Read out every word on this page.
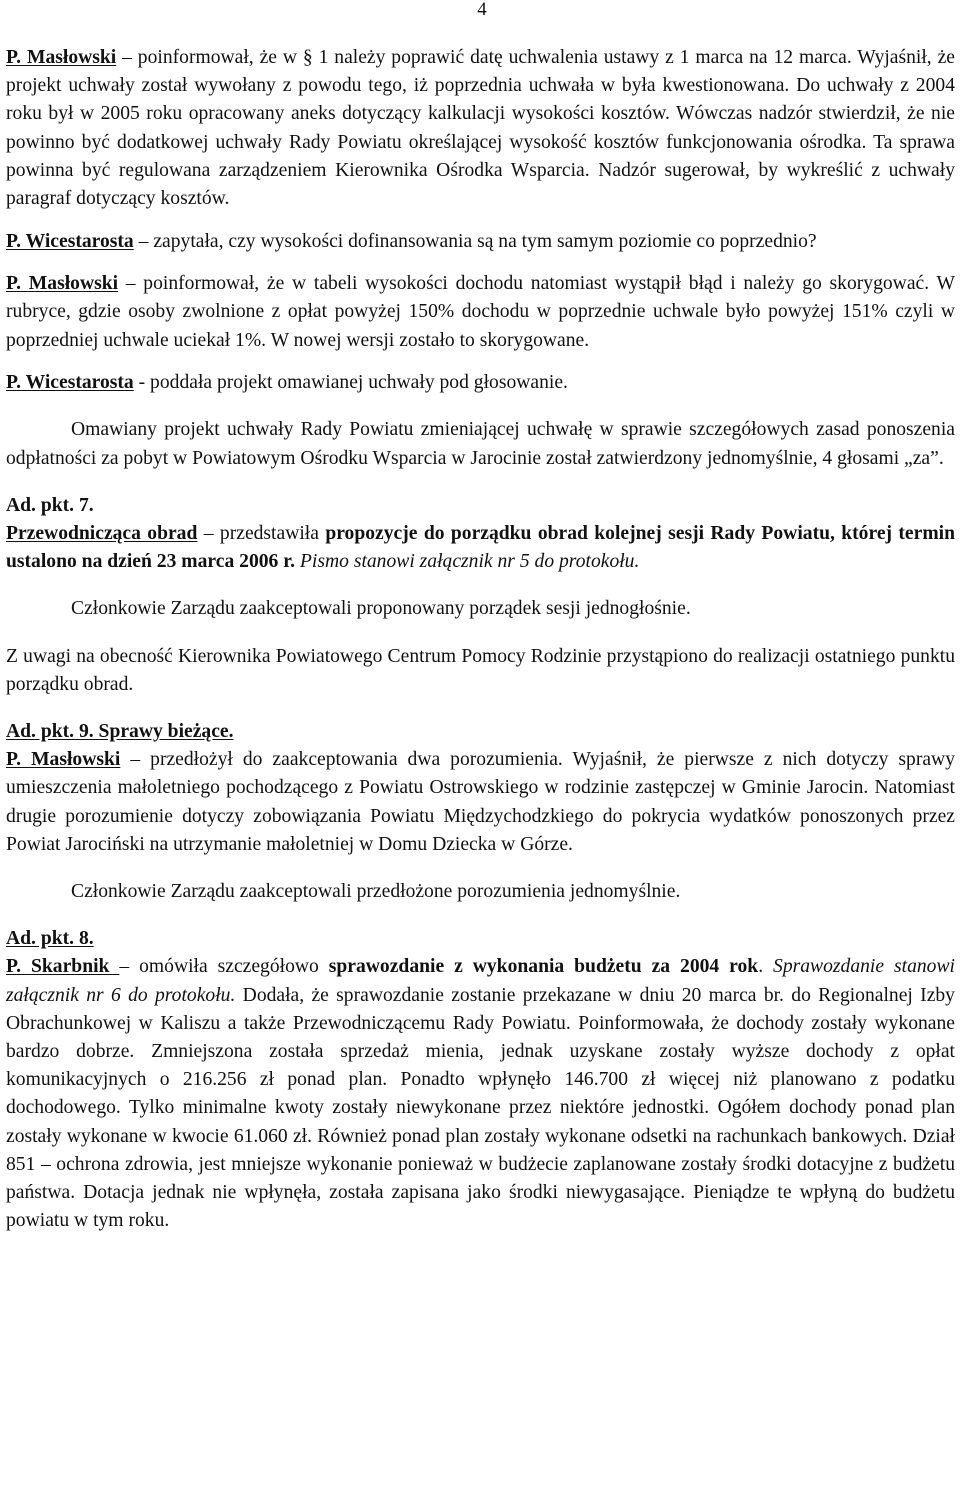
4

P. Masłowski – poinformował, że w § 1 należy poprawić datę uchwalenia ustawy z 1 marca na 12 marca. Wyjaśnił, że projekt uchwały został wywołany z powodu tego, iż poprzednia uchwała w była kwestionowana. Do uchwały z 2004 roku był w 2005 roku opracowany aneks dotyczący kalkulacji wysokości kosztów. Wówczas nadzór stwierdził, że nie powinno być dodatkowej uchwały Rady Powiatu określającej wysokość kosztów funkcjonowania ośrodka. Ta sprawa powinna być regulowana zarządzeniem Kierownika Ośrodka Wsparcia. Nadzór sugerował, by wykreślić z uchwały paragraf dotyczący kosztów.

P. Wicestarosta – zapytała, czy wysokości dofinansowania są na tym samym poziomie co poprzednio?

P. Masłowski – poinformował, że w tabeli wysokości dochodu natomiast wystąpił błąd i należy go skorygować. W rubryce, gdzie osoby zwolnione z opłat powyżej 150% dochodu w poprzednie uchwale było powyżej 151% czyli w poprzedniej uchwale uciekał 1%. W nowej wersji zostało to skorygowane.

P. Wicestarosta - poddała projekt omawianej uchwały pod głosowanie.

Omawiany projekt uchwały Rady Powiatu zmieniającej uchwałę w sprawie szczegółowych zasad ponoszenia odpłatności za pobyt w Powiatowym Ośrodku Wsparcia w Jarocinie został zatwierdzony jednomyślnie, 4 głosami „za”.

Ad. pkt. 7.

Przewodnicząca obrad – przedstawiła propozycje do porządku obrad kolejnej sesji Rady Powiatu, której termin ustalono na dzień 23 marca 2006 r. Pismo stanowi załącznik nr 5 do protokołu.

Członkowie Zarządu zaakceptowali proponowany porządek sesji jednogłośnie.

Z uwagi na obecność Kierownika Powiatowego Centrum Pomocy Rodzinie przystąpiono do realizacji ostatniego punktu porządku obrad.

Ad. pkt. 9. Sprawy bieżące.

P. Masłowski – przedłożył do zaakceptowania dwa porozumienia. Wyjaśnił, że pierwsze z nich dotyczy sprawy umieszczenia małoletniego pochodzącego z Powiatu Ostrowskiego w rodzinie zastępczej w Gminie Jarocin. Natomiast drugie porozumienie dotyczy zobowiązania Powiatu Międzychodzkiego do pokrycia wydatków ponoszonych przez Powiat Jarociński na utrzymanie małoletniej w Domu Dziecka w Górze.

Członkowie Zarządu zaakceptowali przedłożone porozumienia jednomyślnie.

Ad. pkt. 8.

P. Skarbnik – omówiła szczegółowo sprawozdanie z wykonania budżetu za 2004 rok. Sprawozdanie stanowi załącznik nr 6 do protokołu. Dodała, że sprawozdanie zostanie przekazane w dniu 20 marca br. do Regionalnej Izby Obrachunkowej w Kaliszu a także Przewodniczącemu Rady Powiatu. Poinformowała, że dochody zostały wykonane bardzo dobrze. Zmniejszona została sprzedaż mienia, jednak uzyskane zostały wyższe dochody z opłat komunikacyjnych o 216.256 zł ponad plan. Ponadto wpłynęło 146.700 zł więcej niż planowano z podatku dochodowego. Tylko minimalne kwoty zostały niewykonane przez niektóre jednostki. Ogółem dochody ponad plan zostały wykonane w kwocie 61.060 zł. Również ponad plan zostały wykonane odsetki na rachunkach bankowych. Dział 851 – ochrona zdrowia, jest mniejsze wykonanie ponieważ w budżecie zaplanowane zostały środki dotacyjne z budżetu państwa. Dotacja jednak nie wpłynęła, została zapisana jako środki niewygasające. Pieniądze te wpłyną do budżetu powiatu w tym roku.
